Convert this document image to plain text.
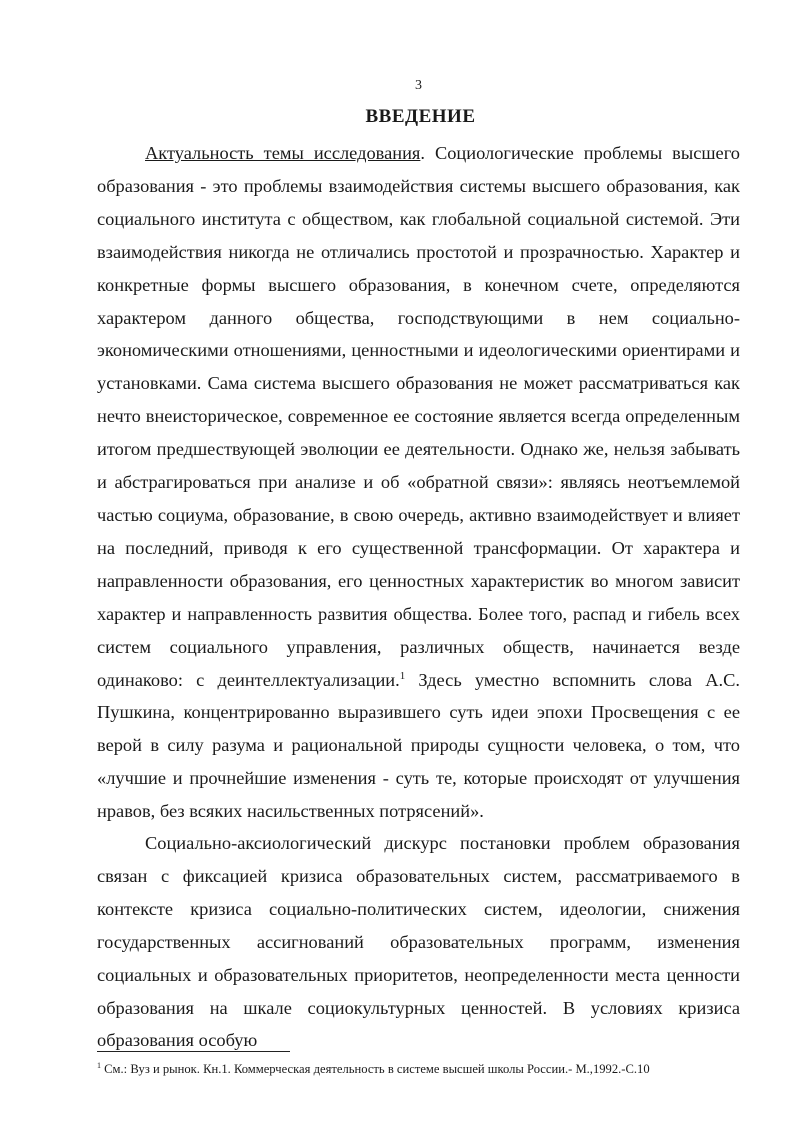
3
ВВЕДЕНИЕ

Актуальность темы исследования. Социологические проблемы высшего образования - это проблемы взаимодействия системы высшего образования, как социального института с обществом, как глобальной социальной системой. Эти взаимодействия никогда не отличались простотой и прозрачностью. Характер и конкретные формы высшего образования, в конечном счете, определяются характером данного общества, господствующими в нем социально-экономическими отношениями, ценностными и идеологическими ориентирами и установками. Сама система высшего образования не может рассматриваться как нечто внеисторическое, современное ее состояние является всегда определенным итогом предшествующей эволюции ее деятельности. Однако же, нельзя забывать и абстрагироваться при анализе и об «обратной связи»: являясь неотъемлемой частью социума, образование, в свою очередь, активно взаимодействует и влияет на последний, приводя к его существенной трансформации. От характера и направленности образования, его ценностных характеристик во многом зависит характер и направленность развития общества. Более того, распад и гибель всех систем социального управления, различных обществ, начинается везде одинаково: с деинтеллектуализации.$^1$ Здесь уместно вспомнить слова А.С. Пушкина, концентрированно выразившего суть идеи эпохи Просвещения с ее верой в силу разума и рациональной природы сущности человека, о том, что «лучшие и прочнейшие изменения - суть те, которые происходят от улучшения нравов, без всяких насильственных потрясений».

Социально-аксиологический дискурс постановки проблем образования связан с фиксацией кризиса образовательных систем, рассматриваемого в контексте кризиса социально-политических систем, идеологии, снижения государственных ассигнований образовательных программ, изменения социальных и образовательных приоритетов, неопределенности места ценности образования на шкале социокультурных ценностей. В условиях кризиса образования особую

$^1$ См.: Вуз и рынок. Кн.1. Коммерческая деятельность в системе высшей школы России.- М.,1992.-С.10
